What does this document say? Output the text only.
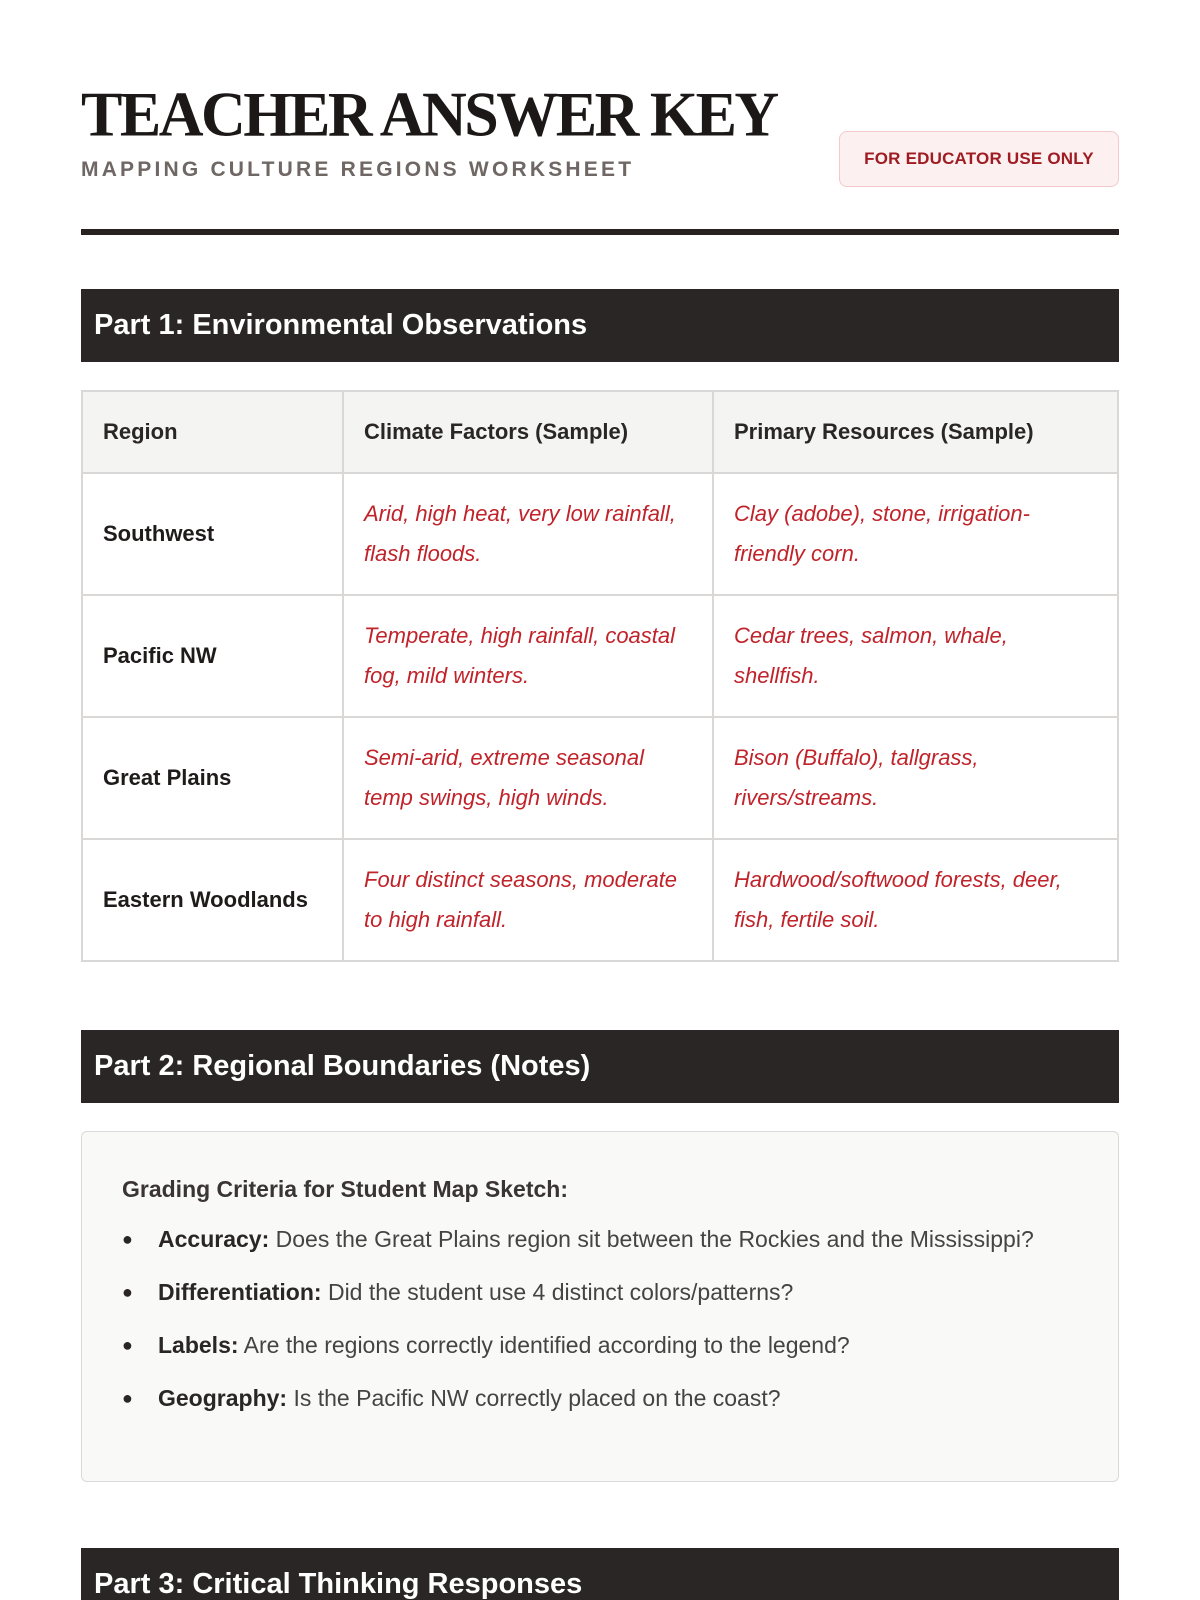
TEACHER ANSWER KEY
MAPPING CULTURE REGIONS WORKSHEET	FOR EDUCATOR USE ONLY
Part 1: Environmental Observations
Region	Climate Factors (Sample)	Primary Resources (Sample)
Southwest	Arid, high heat, very low rainfall, flash floods.	Clay (adobe), stone, irrigation-friendly corn.
Pacific NW	Temperate, high rainfall, coastal fog, mild winters.	Cedar trees, salmon, whale, shellfish.
Great Plains	Semi-arid, extreme seasonal temp swings, high winds.	Bison (Buffalo), tallgrass, rivers/streams.
Eastern Woodlands	Four distinct seasons, moderate to high rainfall.	Hardwood/softwood forests, deer, fish, fertile soil.
Part 2: Regional Boundaries (Notes)
Grading Criteria for Student Map Sketch:
● Accuracy: Does the Great Plains region sit between the Rockies and the Mississippi?
● Differentiation: Did the student use 4 distinct colors/patterns?
● Labels: Are the regions correctly identified according to the legend?
● Geography: Is the Pacific NW correctly placed on the coast?
Part 3: Critical Thinking Responses
